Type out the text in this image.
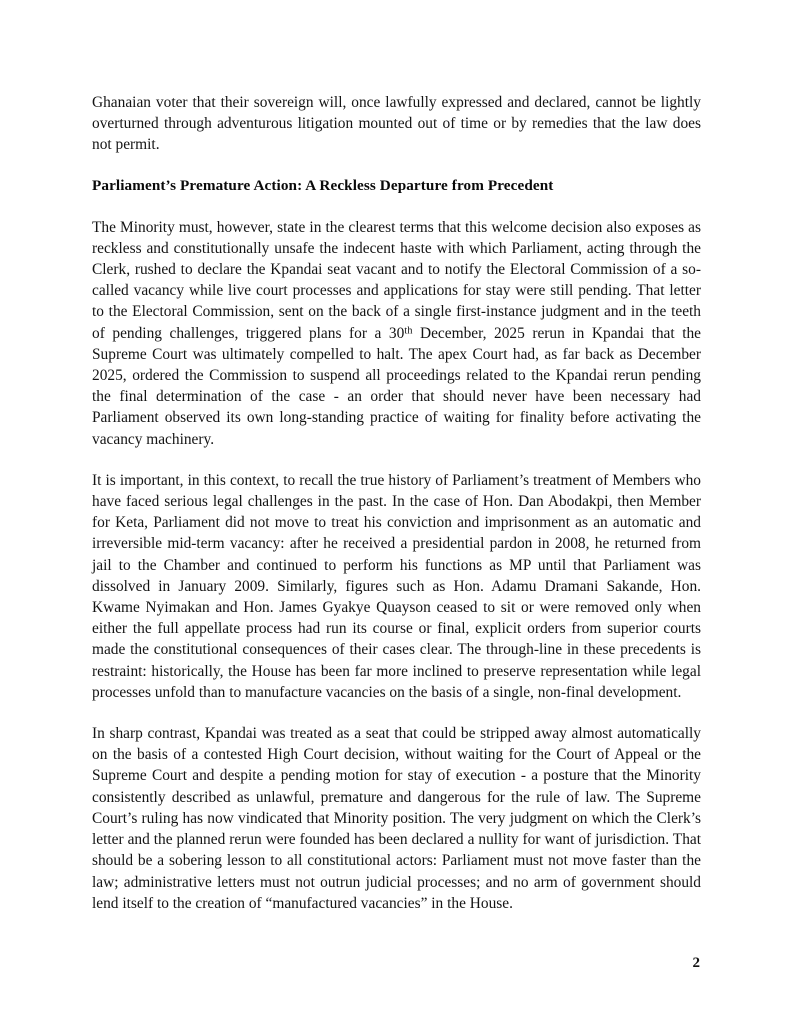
Ghanaian voter that their sovereign will, once lawfully expressed and declared, cannot be lightly overturned through adventurous litigation mounted out of time or by remedies that the law does not permit.

Parliament’s Premature Action: A Reckless Departure from Precedent

The Minority must, however, state in the clearest terms that this welcome decision also exposes as reckless and constitutionally unsafe the indecent haste with which Parliament, acting through the Clerk, rushed to declare the Kpandai seat vacant and to notify the Electoral Commission of a so-called vacancy while live court processes and applications for stay were still pending. That letter to the Electoral Commission, sent on the back of a single first-instance judgment and in the teeth of pending challenges, triggered plans for a 30th December, 2025 rerun in Kpandai that the Supreme Court was ultimately compelled to halt. The apex Court had, as far back as December 2025, ordered the Commission to suspend all proceedings related to the Kpandai rerun pending the final determination of the case - an order that should never have been necessary had Parliament observed its own long-standing practice of waiting for finality before activating the vacancy machinery.

It is important, in this context, to recall the true history of Parliament’s treatment of Members who have faced serious legal challenges in the past. In the case of Hon. Dan Abodakpi, then Member for Keta, Parliament did not move to treat his conviction and imprisonment as an automatic and irreversible mid-term vacancy: after he received a presidential pardon in 2008, he returned from jail to the Chamber and continued to perform his functions as MP until that Parliament was dissolved in January 2009. Similarly, figures such as Hon. Adamu Dramani Sakande, Hon. Kwame Nyimakan and Hon. James Gyakye Quayson ceased to sit or were removed only when either the full appellate process had run its course or final, explicit orders from superior courts made the constitutional consequences of their cases clear. The through-line in these precedents is restraint: historically, the House has been far more inclined to preserve representation while legal processes unfold than to manufacture vacancies on the basis of a single, non-final development.

In sharp contrast, Kpandai was treated as a seat that could be stripped away almost automatically on the basis of a contested High Court decision, without waiting for the Court of Appeal or the Supreme Court and despite a pending motion for stay of execution - a posture that the Minority consistently described as unlawful, premature and dangerous for the rule of law. The Supreme Court’s ruling has now vindicated that Minority position. The very judgment on which the Clerk’s letter and the planned rerun were founded has been declared a nullity for want of jurisdiction. That should be a sobering lesson to all constitutional actors: Parliament must not move faster than the law; administrative letters must not outrun judicial processes; and no arm of government should lend itself to the creation of “manufactured vacancies” in the House.

2
